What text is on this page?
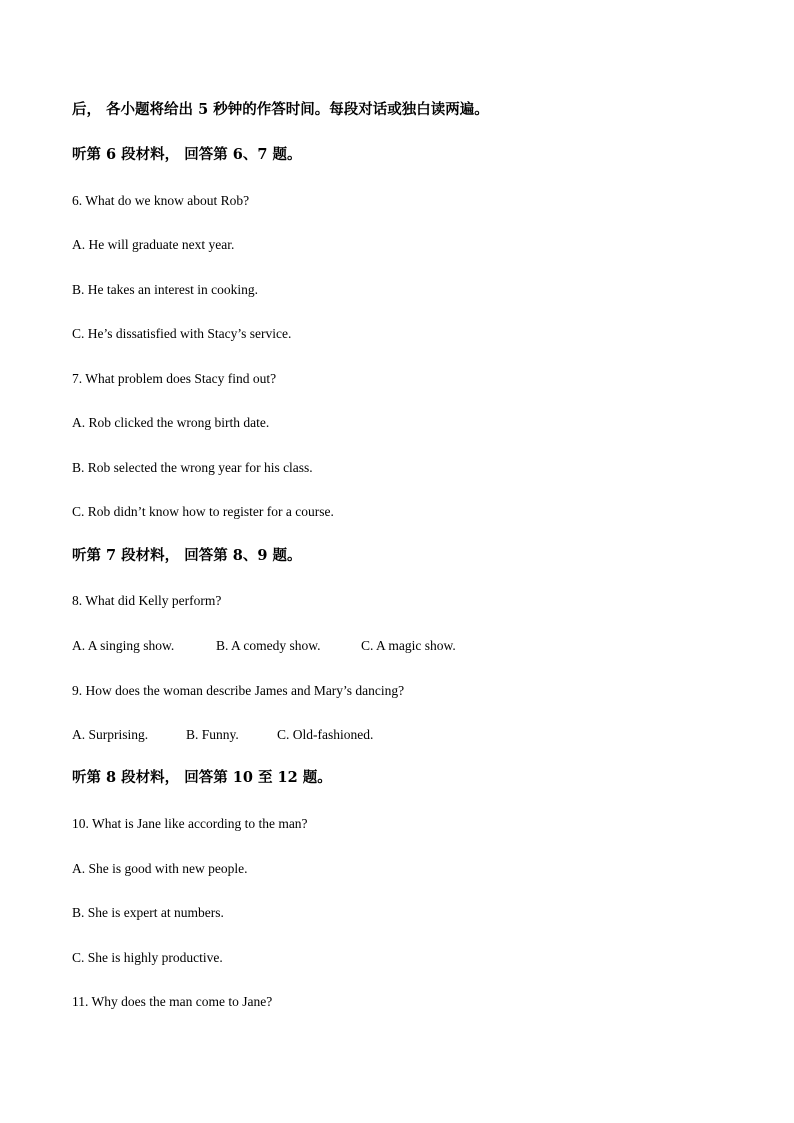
后， 各小题将给出 5 秒钟的作答时间。每段对话或独白读两遍。
听第 6 段材料， 回答第 6、7 题。
6. What do we know about Rob?
A. He will graduate next year.
B. He takes an interest in cooking.
C. He’s dissatisfied with Stacy’s service.
7. What problem does Stacy find out?
A. Rob clicked the wrong birth date.
B. Rob selected the wrong year for his class.
C. Rob didn’t know how to register for a course.
听第 7 段材料， 回答第 8、9 题。
8. What did Kelly perform?
A. A singing show.	B. A comedy show.	C. A magic show.
9. How does the woman describe James and Mary’s dancing?
A. Surprising.	B. Funny.	C. Old-fashioned.
听第 8 段材料， 回答第 10 至 12 题。
10. What is Jane like according to the man?
A. She is good with new people.
B. She is expert at numbers.
C. She is highly productive.
11. Why does the man come to Jane?
